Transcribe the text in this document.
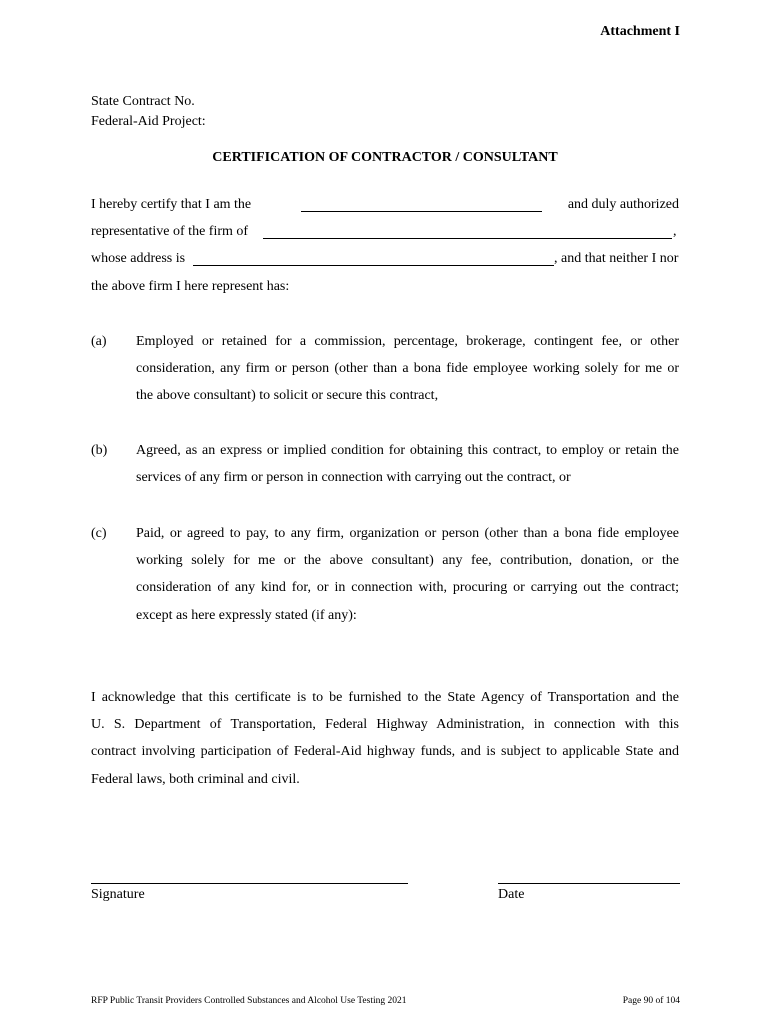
Attachment I
State Contract No.
Federal-Aid Project:
CERTIFICATION OF CONTRACTOR / CONSULTANT
I hereby certify that I am the	and duly authorized
representative of the firm of	,
whose address is	, and that neither I nor
the above firm I here represent has:
(a) Employed or retained for a commission, percentage, brokerage, contingent fee, or other
consideration, any firm or person (other than a bona fide employee working solely for me or
the above consultant) to solicit or secure this contract,
(b) Agreed, as an express or implied condition for obtaining this contract, to employ or retain the
services of any firm or person in connection with carrying out the contract, or
(c) Paid, or agreed to pay, to any firm, organization or person (other than a bona fide employee
working solely for me or the above consultant) any fee, contribution, donation, or the
consideration of any kind for, or in connection with, procuring or carrying out the contract;
except as here expressly stated (if any):
I acknowledge that this certificate is to be furnished to the State Agency of Transportation and the
U. S. Department of Transportation, Federal Highway Administration, in connection with this
contract involving participation of Federal-Aid highway funds, and is subject to applicable State and
Federal laws, both criminal and civil.
Signature	Date
RFP Public Transit Providers Controlled Substances and Alcohol Use Testing 2021	Page 90 of 104
